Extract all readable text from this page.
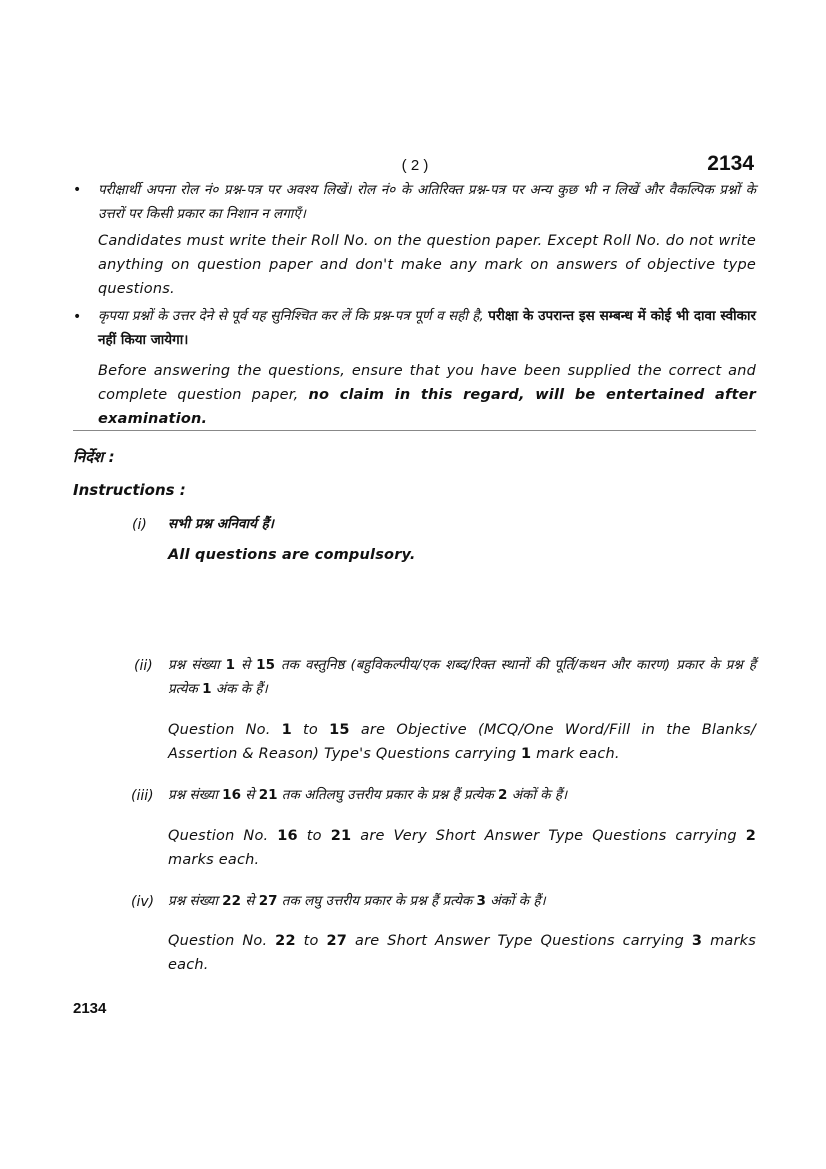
( 2 )	2134
• परीक्षार्थी अपना रोल नं० प्रश्न-पत्र पर अवश्य लिखें। रोल नं० के अतिरिक्त प्रश्न-पत्र पर अन्य कुछ भी न लिखें और वैकल्पिक प्रश्नों के उत्तरों पर किसी प्रकार का निशान न लगाएँ।
Candidates must write their Roll No. on the question paper. Except Roll No. do not write anything on question paper and don't make any mark on answers of objective type questions.
• कृपया प्रश्नों के उत्तर देने से पूर्व यह सुनिश्चित कर लें कि प्रश्न-पत्र पूर्ण व सही है, परीक्षा के उपरान्त इस सम्बन्ध में कोई भी दावा स्वीकार नहीं किया जायेगा।
Before answering the questions, ensure that you have been supplied the correct and complete question paper, no claim in this regard, will be entertained after examination.
निर्देश :
Instructions :
(i) सभी प्रश्न अनिवार्य हैं।
All questions are compulsory.
(ii) प्रश्न संख्या 1 से 15 तक वस्तुनिष्ठ (बहुविकल्पीय/एक शब्द/रिक्त स्थानों की पूर्ति/कथन और कारण) प्रकार के प्रश्न हैं प्रत्येक 1 अंक के हैं।
Question No. 1 to 15 are Objective (MCQ/One Word/Fill in the Blanks/ Assertion & Reason) Type's Questions carrying 1 mark each.
(iii) प्रश्न संख्या 16 से 21 तक अतिलघु उत्तरीय प्रकार के प्रश्न हैं प्रत्येक 2 अंकों के हैं।
Question No. 16 to 21 are Very Short Answer Type Questions carrying 2 marks each.
(iv) प्रश्न संख्या 22 से 27 तक लघु उत्तरीय प्रकार के प्रश्न हैं प्रत्येक 3 अंकों के हैं।
Question No. 22 to 27 are Short Answer Type Questions carrying 3 marks each.
2134
